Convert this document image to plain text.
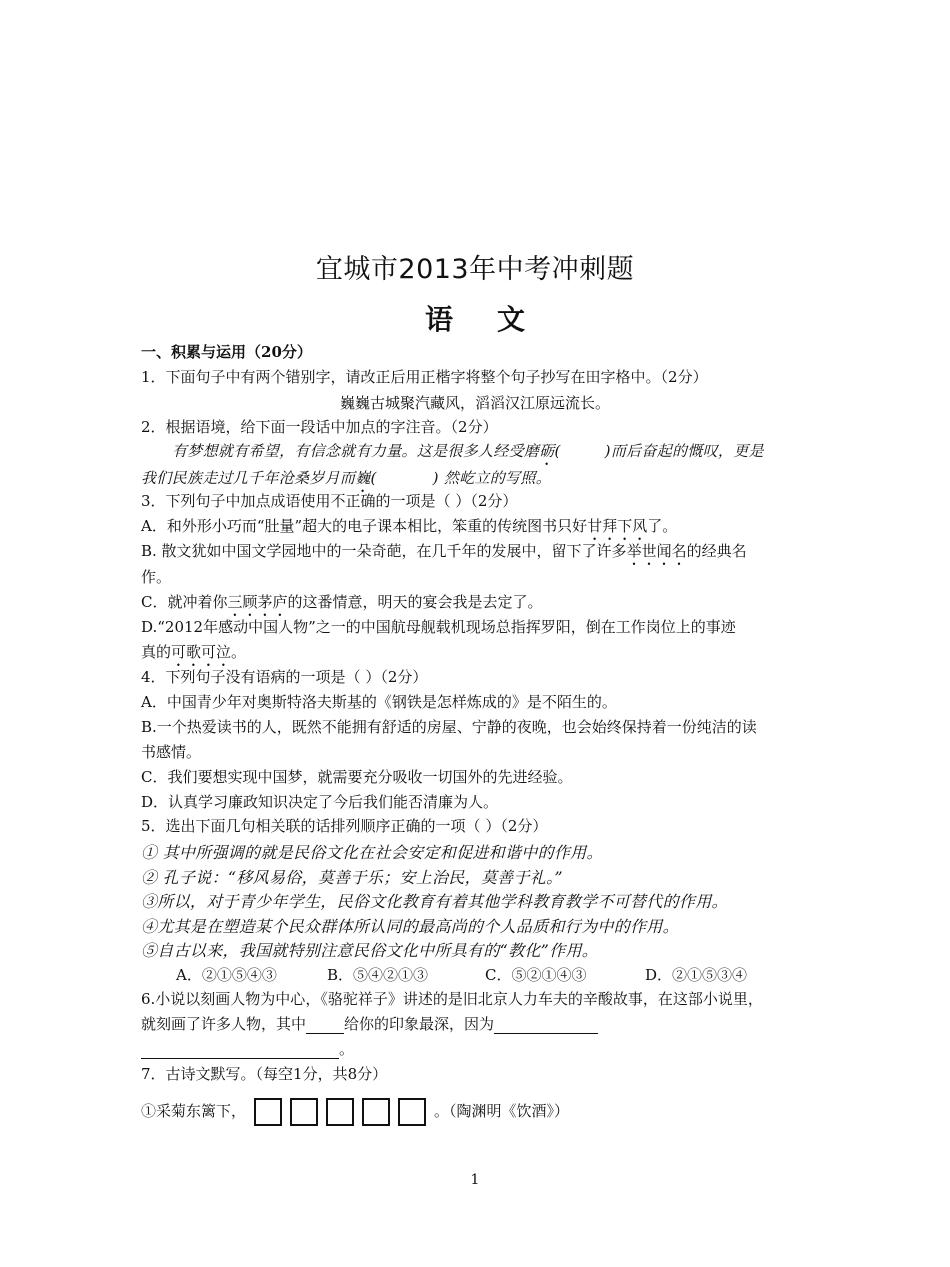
宜城市2013年中考冲刺题
语 文
一、积累与运用（20分）
1．下面句子中有两个错别字，请改正后用正楷字将整个句子抄写在田字格中。（2分）
巍巍古城聚汽藏风，滔滔汉江原远流长。
2．根据语境，给下面一段话中加点的字注音。（2分）
有梦想就有希望，有信念就有力量。这是很多人经受磨砺(	)而后奋起的慨叹，更是
我们民族走过几千年沧桑岁月而巍(	) 然屹立的写照。
3．下列句子中加点成语使用不正确的一项是（ ）（2分）
A．和外形小巧而“肚量”超大的电子课本相比，笨重的传统图书只好甘拜下风了。
B. 散文犹如中国文学园地中的一朵奇葩，在几千年的发展中，留下了许多举世闻名的经典名
作。
C．就冲着你三顾茅庐的这番情意，明天的宴会我是去定了。
D.“2012年感动中国人物”之一的中国航母舰载机现场总指挥罗阳，倒在工作岗位上的事迹
真的可歌可泣。
4．下列句子没有语病的一项是（ ）（2分）
A．中国青少年对奥斯特洛夫斯基的《钢铁是怎样炼成的》是不陌生的。
B.一个热爱读书的人，既然不能拥有舒适的房屋、宁静的夜晚，也会始终保持着一份纯洁的读
书感情。
C．我们要想实现中国梦，就需要充分吸收一切国外的先进经验。
D．认真学习廉政知识决定了今后我们能否清廉为人。
5．选出下面几句相关联的话排列顺序正确的一项（ ）（2分）
① 其中所强调的就是民俗文化在社会安定和促进和谐中的作用。
② 孔子说：“移风易俗，莫善于乐；安上治民，莫善于礼。”
③所以，对于青少年学生，民俗文化教育有着其他学科教育教学不可替代的作用。
④尤其是在塑造某个民众群体所认同的最高尚的个人品质和行为中的作用。
⑤自古以来，我国就特别注意民俗文化中所具有的“教化”作用。
A．②①⑤④③	B．⑤④②①③	C．⑤②①④③	D．②①⑤③④
6.小说以刻画人物为中心，《骆驼祥子》讲述的是旧北京人力车夫的辛酸故事，在这部小说里，
就刻画了许多人物，其中	给你的印象最深，因为
。
7．古诗文默写。（每空1分，共8分）
①采菊东篱下，	。（陶渊明《饮酒》）
1
